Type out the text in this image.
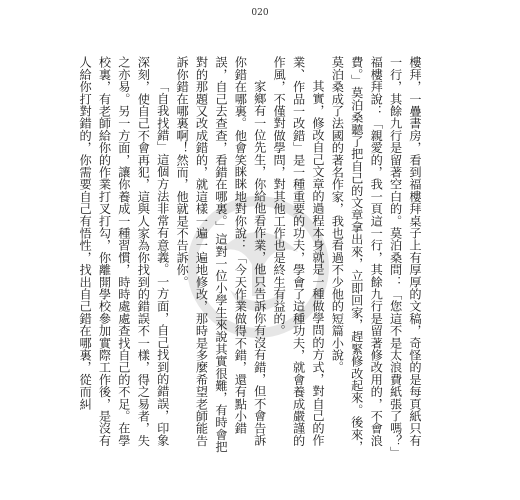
020

樓拜，一疊書房，看到福樓拜桌子上有厚厚的文稿，奇怪的是每頁紙只有一行，其餘九行是留著空白的。莫泊桑問：「您這不是太浪費紙張了嗎？」福樓拜說：「親愛的，我一頁這一行，其餘九行是留著修改用的，不會浪費。」莫泊桑聽了把自己的文章拿出來，立即回家，趕緊修改起來。後來，莫泊桑成了法國的著名作家，我也看過不少他的短篇小說。

其實，修改自己文章的過程本身就是一種做學問的方式，對自己的作業、作品一改錯」是一種重要的功夫，學會了這種功夫，就會養成嚴謹的作風，不僅對做學問，對其他工作也是終生有益的。

家鄉有一位先生，你給他看作業，他只告訴你有沒有錯，但不會告訴你錯在哪裏。他會笑眯眯地對你說：「今天作業做得不錯，還有點小錯誤，自己去查查，看錯在哪裏。」這對一位小學生來說其實很難，有時會把對的那題又改成錯的，就這樣一遍一遍地修改，那時是多麼希望老師能告訴你錯在哪裏啊！然而，他就是不告訴你。

「自我找錯」這個方法非常有意義。一方面，自己找到的錯誤，印象深刻，使自己不會再犯，這與人家為你找到的錯誤不一樣，得之易者，失之亦易。另一方面，讓你養成一種習慣，時時處處查找自己的不足。在學校裏，有老師給你的作業打叉打勾，你離開學校參加實際工作後，是沒有人給你打對錯的，你需要自己有悟性，找出自己錯在哪裏，從而糾
